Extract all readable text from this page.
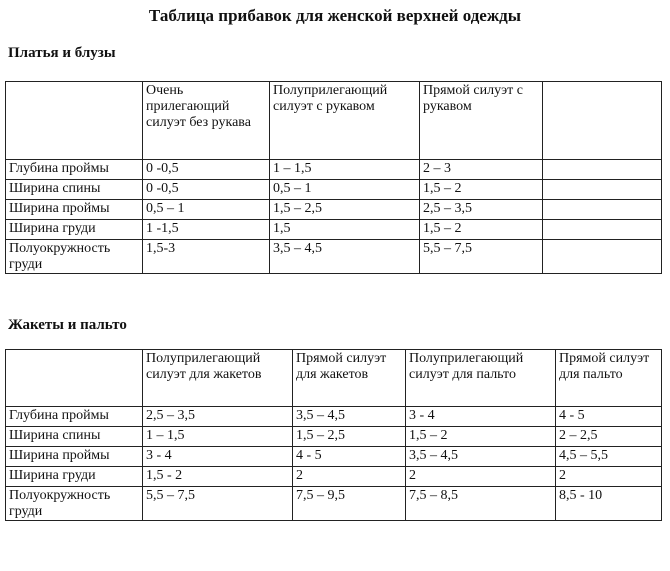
Таблица прибавок для женской верхней одежды
Платья и блузы
	Очень прилегающий силуэт без рукава	Полуприлегающий силуэт с рукавом	Прямой силуэт с рукавом	
Глубина проймы	0 -0,5	1 – 1,5	2 – 3	
Ширина спины	0 -0,5	0,5 – 1	1,5 – 2	
Ширина проймы	0,5 – 1	1,5 – 2,5	2,5 – 3,5	
Ширина груди	1 -1,5	1,5	1,5 – 2	
Полуокружность груди	1,5-3	3,5 – 4,5	5,5 – 7,5	
Жакеты и пальто
	Полуприлегающий силуэт для жакетов	Прямой силуэт для жакетов	Полуприлегающий силуэт для пальто	Прямой силуэт для пальто
Глубина проймы	2,5 – 3,5	3,5 – 4,5	3 - 4	4 - 5
Ширина спины	1 – 1,5	1,5 – 2,5	1,5 – 2	2 – 2,5
Ширина проймы	3 - 4	4 - 5	3,5 – 4,5	4,5 – 5,5
Ширина груди	1,5 - 2	2	2	2
Полуокружность груди	5,5 – 7,5	7,5 – 9,5	7,5 – 8,5	8,5 - 10
